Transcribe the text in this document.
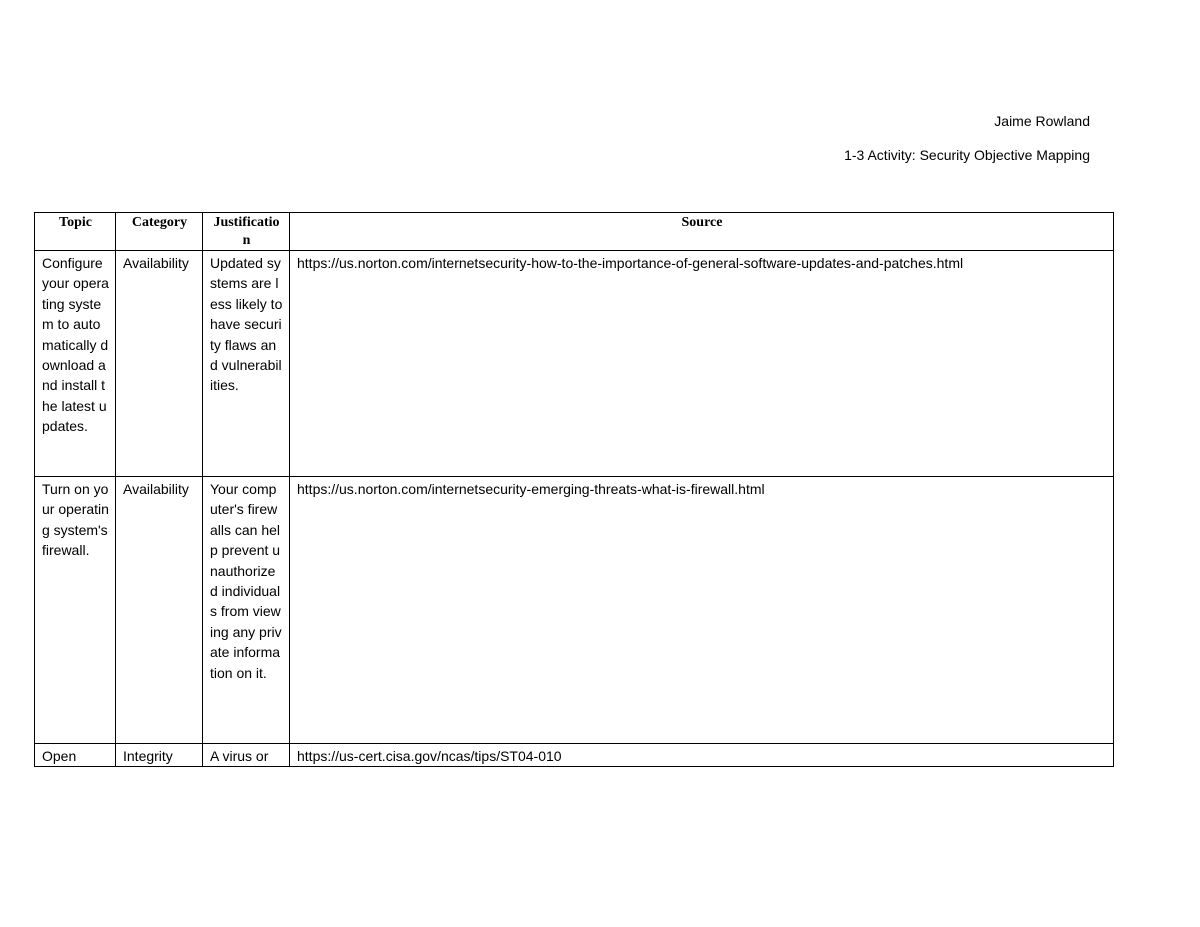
Jaime Rowland
1-3 Activity: Security Objective Mapping
Topic	Category	Justification	Source
Configure your operating system to automatically download and install the latest updates.	Availability	Updated systems are less likely to have security flaws and vulnerabilities.	https://us.norton.com/internetsecurity-how-to-the-importance-of-general-software-updates-and-patches.html
Turn on your operating system's firewall.	Availability	Your computer's firewalls can help prevent unauthorized individuals from viewing any private information on it.	https://us.norton.com/internetsecurity-emerging-threats-what-is-firewall.html
Open	Integrity	A virus or	https://us-cert.cisa.gov/ncas/tips/ST04-010
